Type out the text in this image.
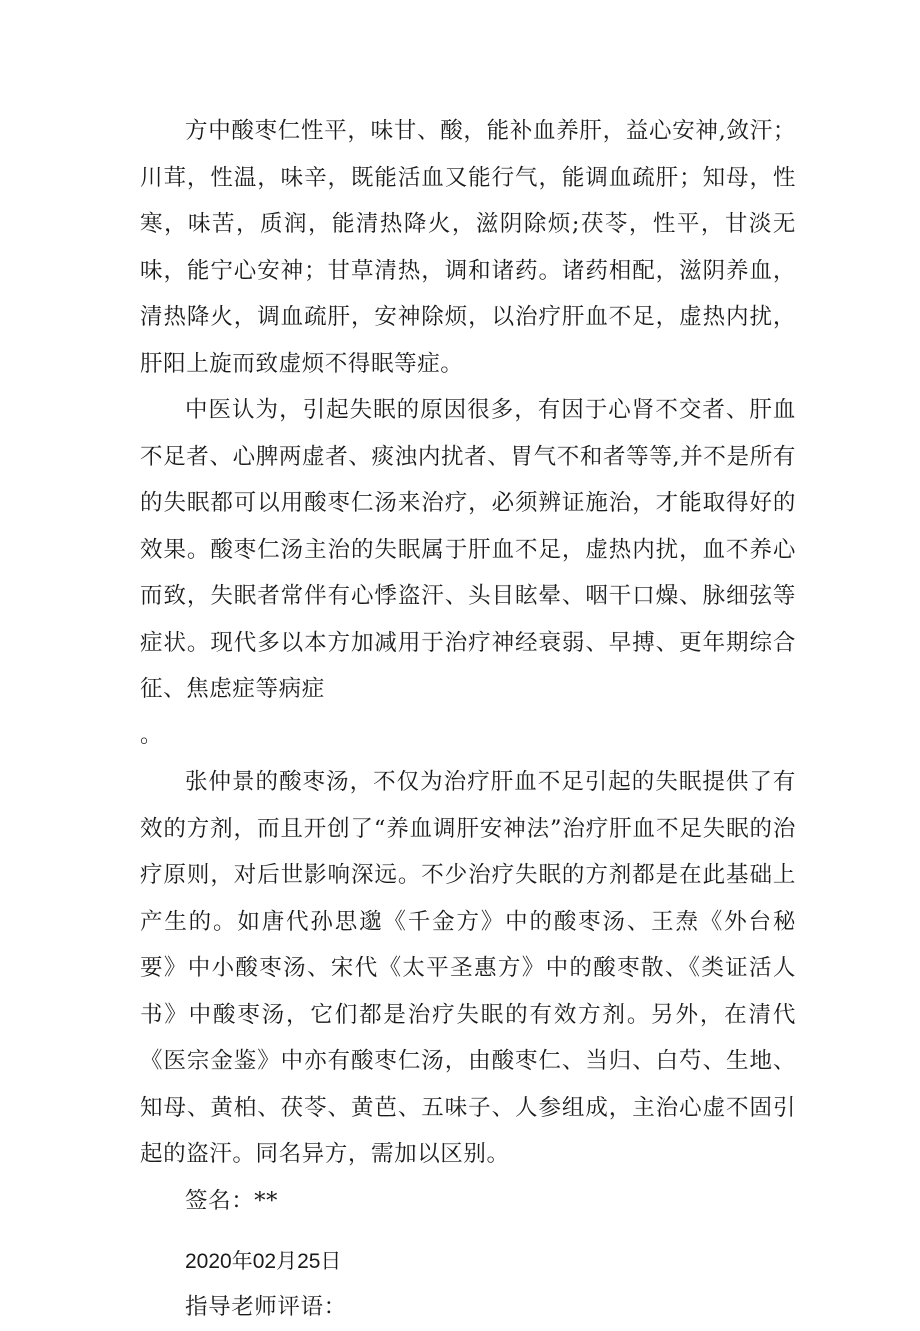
方中酸枣仁性平，味甘、酸，能补血养肝，益心安神,敛汗；川茸，性温，味辛，既能活血又能行气，能调血疏肝；知母，性寒，味苦，质润，能清热降火，滋阴除烦;茯苓，性平，甘淡无味，能宁心安神；甘草清热，调和诸药。诸药相配，滋阴养血，清热降火，调血疏肝，安神除烦，以治疗肝血不足，虚热内扰，肝阳上旋而致虚烦不得眠等症。

中医认为，引起失眠的原因很多，有因于心肾不交者、肝血不足者、心脾两虚者、痰浊内扰者、胃气不和者等等,并不是所有的失眠都可以用酸枣仁汤来治疗，必须辨证施治，才能取得好的效果。酸枣仁汤主治的失眠属于肝血不足，虚热内扰，血不养心而致，失眠者常伴有心悸盗汗、头目眩晕、咽干口燥、脉细弦等症状。现代多以本方加减用于治疗神经衰弱、早搏、更年期综合征、焦虑症等病症

。

张仲景的酸枣汤，不仅为治疗肝血不足引起的失眠提供了有效的方剂，而且开创了“养血调肝安神法”治疗肝血不足失眠的治疗原则，对后世影响深远。不少治疗失眠的方剂都是在此基础上产生的。如唐代孙思邈《千金方》中的酸枣汤、王焘《外台秘要》中小酸枣汤、宋代《太平圣惠方》中的酸枣散、《类证活人书》中酸枣汤，它们都是治疗失眠的有效方剂。另外，在清代《医宗金鉴》中亦有酸枣仁汤，由酸枣仁、当归、白芍、生地、知母、黄柏、茯苓、黄芭、五味子、人参组成，主治心虚不固引起的盗汗。同名异方，需加以区别。

签名：**

2020年02月25日

指导老师评语：
